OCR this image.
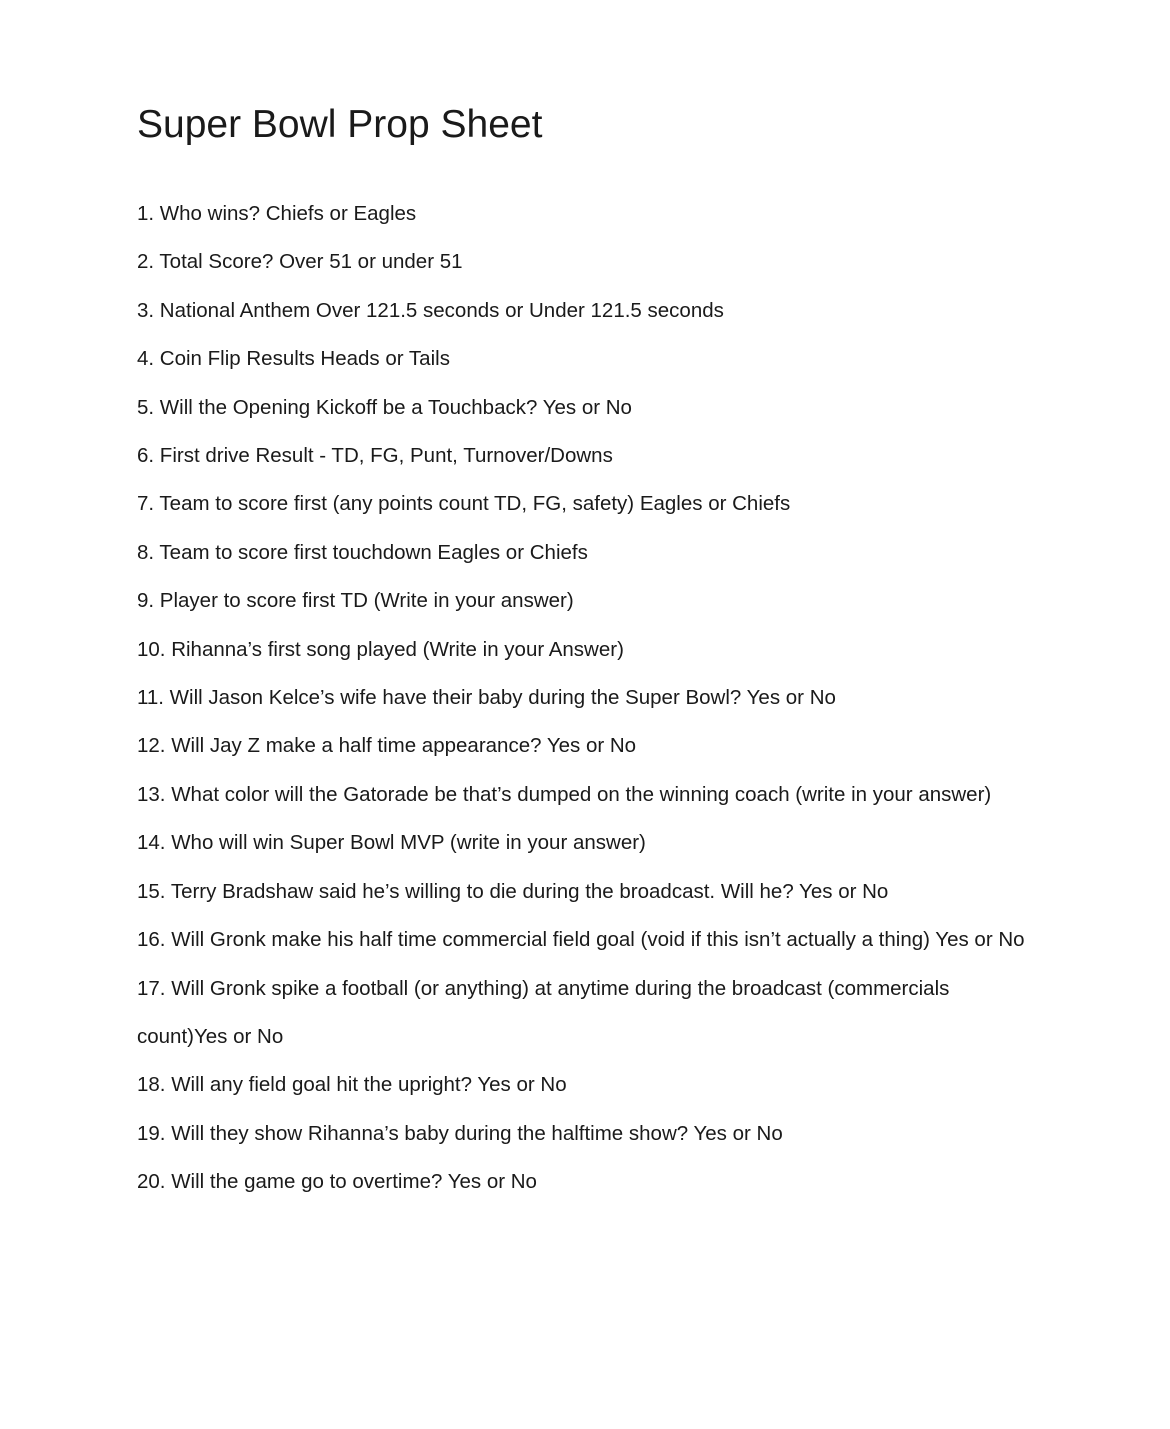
Super Bowl Prop Sheet
1. Who wins? Chiefs or Eagles
2. Total Score? Over 51 or under 51
3. National Anthem Over 121.5 seconds or Under 121.5 seconds
4. Coin Flip Results Heads or Tails
5. Will the Opening Kickoff be a Touchback? Yes or No
6. First drive Result - TD, FG, Punt, Turnover/Downs
7. Team to score first (any points count TD, FG, safety) Eagles or Chiefs
8. Team to score first touchdown Eagles or Chiefs
9. Player to score first TD (Write in your answer)
10. Rihanna’s first song played (Write in your Answer)
11. Will Jason Kelce’s wife have their baby during the Super Bowl? Yes or No
12. Will Jay Z make a half time appearance? Yes or No
13. What color will the Gatorade be that’s dumped on the winning coach (write in your answer)
14. Who will win Super Bowl MVP (write in your answer)
15. Terry Bradshaw said he’s willing to die during the broadcast. Will he? Yes or No
16. Will Gronk make his half time commercial field goal (void if this isn’t actually a thing) Yes or No
17. Will Gronk spike a football (or anything) at anytime during the broadcast (commercials count)Yes or No
18. Will any field goal hit the upright? Yes or No
19. Will they show Rihanna’s baby during the halftime show? Yes or No
20. Will the game go to overtime? Yes or No
